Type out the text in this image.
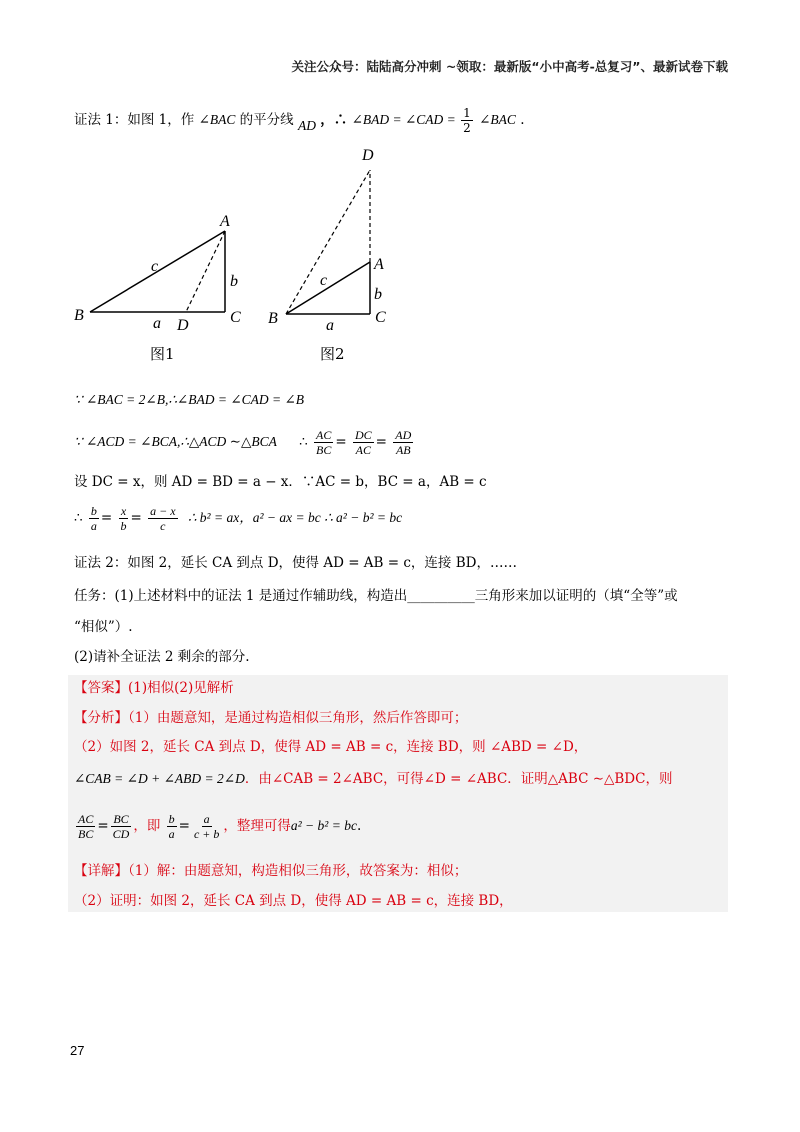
关注公众号：陆陆高分冲刺 ~领取：最新版“小中高考-总复习”、最新试卷下载
证法 1：如图 1，作 ∠BAC 的平分线 AD ，∴ ∠BAD = ∠CAD = $\frac{1}{2}$ ∠BAC .
A
B	C
D
a
b
c
图1
D
A
B	C
a
b
c
图2
∵ ∠BAC = 2∠B,∴∠BAD = ∠CAD = ∠B
∵ ∠ACD = ∠BCA,∴△ACD ∼△BCA ∴ $\frac{AC}{BC} = \frac{DC}{AC} = \frac{AD}{AB}$
设 DC = x，则 AD = BD = a − x．∵AC = b，BC = a，AB = c
∴ $\frac{b}{a} = \frac{x}{b} = \frac{a - x}{c}$ ∴ b² = ax，a² − ax = bc ∴ a² − b² = bc
证法 2：如图 2，延长 CA 到点 D，使得 AD = AB = c，连接 BD，……
任务：(1)上述材料中的证法 1 是通过作辅助线，构造出__________三角形来加以证明的（填“全等”或
“相似”）.
(2)请补全证法 2 剩余的部分.
【答案】(1)相似(2)见解析
【分析】（1）由题意知，是通过构造相似三角形，然后作答即可；
（2）如图 2，延长 CA 到点 D，使得 AD = AB = c，连接 BD，则 ∠ABD = ∠D，
∠CAB = ∠D + ∠ABD = 2∠D．由∠CAB = 2∠ABC，可得∠D = ∠ABC．证明△ABC ∼△BDC，则
$\frac{AC}{BC} = \frac{BC}{CD}$ ，即 $\frac{b}{a} = \frac{a}{c + b}$ ，整理可得a² − b² = bc.
【详解】（1）解：由题意知，构造相似三角形，故答案为：相似；
（2）证明：如图 2，延长 CA 到点 D，使得 AD = AB = c，连接 BD，
27
